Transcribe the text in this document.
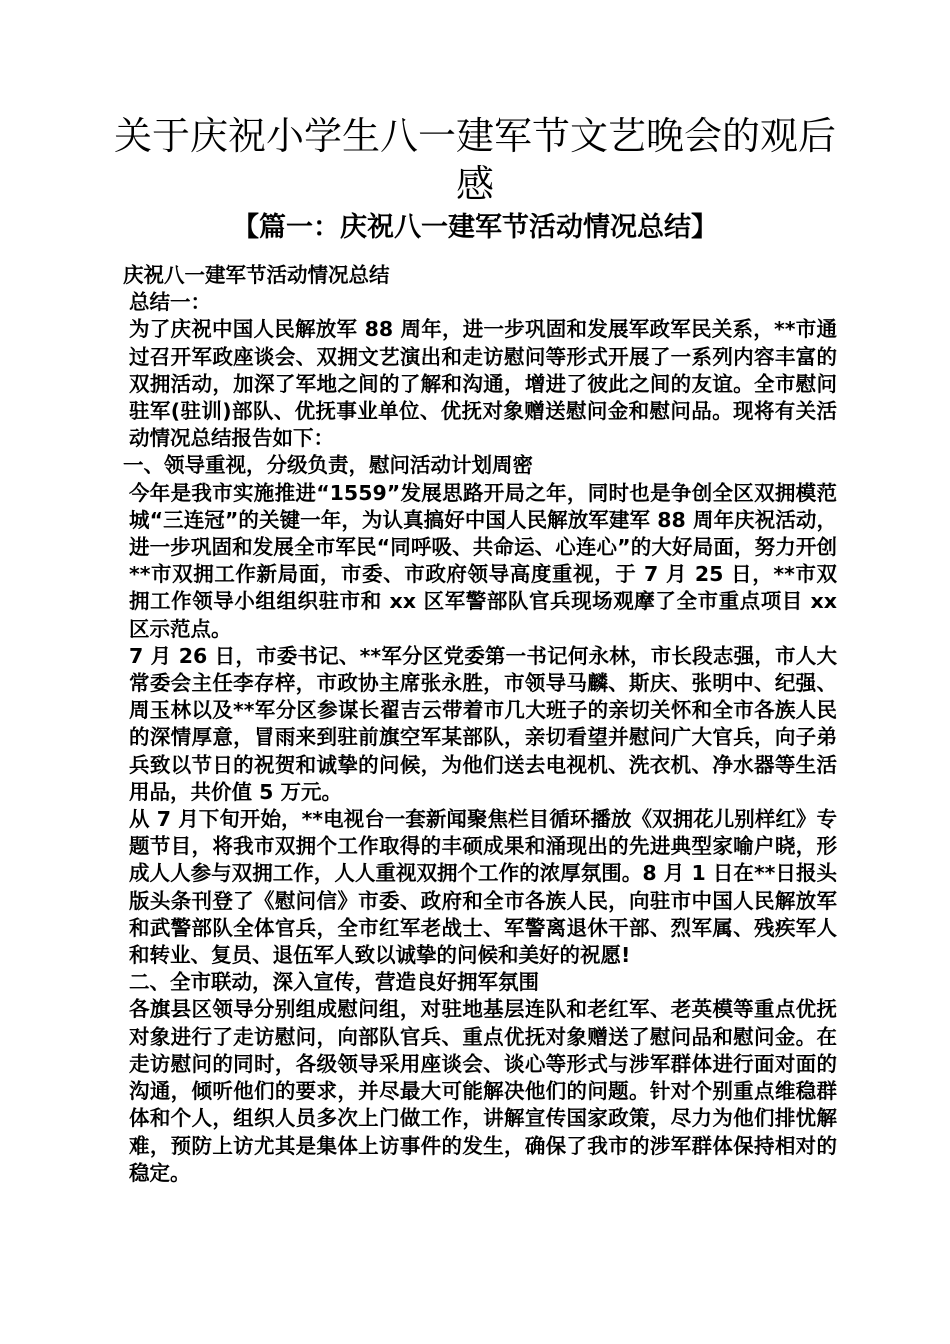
关于庆祝小学生八一建军节文艺晚会的观后感
【篇一：庆祝八一建军节活动情况总结】

庆祝八一建军节活动情况总结

总结一：

为了庆祝中国人民解放军 88 周年，进一步巩固和发展军政军民关系，**市通过召开军政座谈会、双拥文艺演出和走访慰问等形式开展了一系列内容丰富的双拥活动，加深了军地之间的了解和沟通，增进了彼此之间的友谊。全市慰问驻军(驻训)部队、优抚事业单位、优抚对象赠送慰问金和慰问品。现将有关活动情况总结报告如下：

一、领导重视，分级负责，慰问活动计划周密

今年是我市实施推进“1559”发展思路开局之年，同时也是争创全区双拥模范城“三连冠”的关键一年，为认真搞好中国人民解放军建军 88 周年庆祝活动，进一步巩固和发展全市军民“同呼吸、共命运、心连心”的大好局面，努力开创**市双拥工作新局面，市委、市政府领导高度重视，于 7 月 25 日，**市双拥工作领导小组组织驻市和 xx 区军警部队官兵现场观摩了全市重点项目 xx 区示范点。

7 月 26 日，市委书记、**军分区党委第一书记何永林，市长段志强，市人大常委会主任李存梓，市政协主席张永胜，市领导马麟、斯庆、张明中、纪强、周玉林以及**军分区参谋长翟吉云带着市几大班子的亲切关怀和全市各族人民的深情厚意，冒雨来到驻前旗空军某部队，亲切看望并慰问广大官兵，向子弟兵致以节日的祝贺和诚挚的问候，为他们送去电视机、洗衣机、净水器等生活用品，共价值 5 万元。

从 7 月下旬开始，**电视台一套新闻聚焦栏目循环播放《双拥花儿别样红》专题节目，将我市双拥个工作取得的丰硕成果和涌现出的先进典型家喻户晓，形成人人参与双拥工作，人人重视双拥个工作的浓厚氛围。8 月 1 日在**日报头版头条刊登了《慰问信》市委、政府和全市各族人民，向驻市中国人民解放军和武警部队全体官兵，全市红军老战士、军警离退休干部、烈军属、残疾军人和转业、复员、退伍军人致以诚挚的问候和美好的祝愿!

二、全市联动，深入宣传，营造良好拥军氛围

各旗县区领导分别组成慰问组，对驻地基层连队和老红军、老英模等重点优抚对象进行了走访慰问，向部队官兵、重点优抚对象赠送了慰问品和慰问金。在走访慰问的同时，各级领导采用座谈会、谈心等形式与涉军群体进行面对面的沟通，倾听他们的要求，并尽最大可能解决他们的问题。针对个别重点维稳群体和个人，组织人员多次上门做工作，讲解宣传国家政策，尽力为他们排忧解难，预防上访尤其是集体上访事件的发生，确保了我市的涉军群体保持相对的稳定。
